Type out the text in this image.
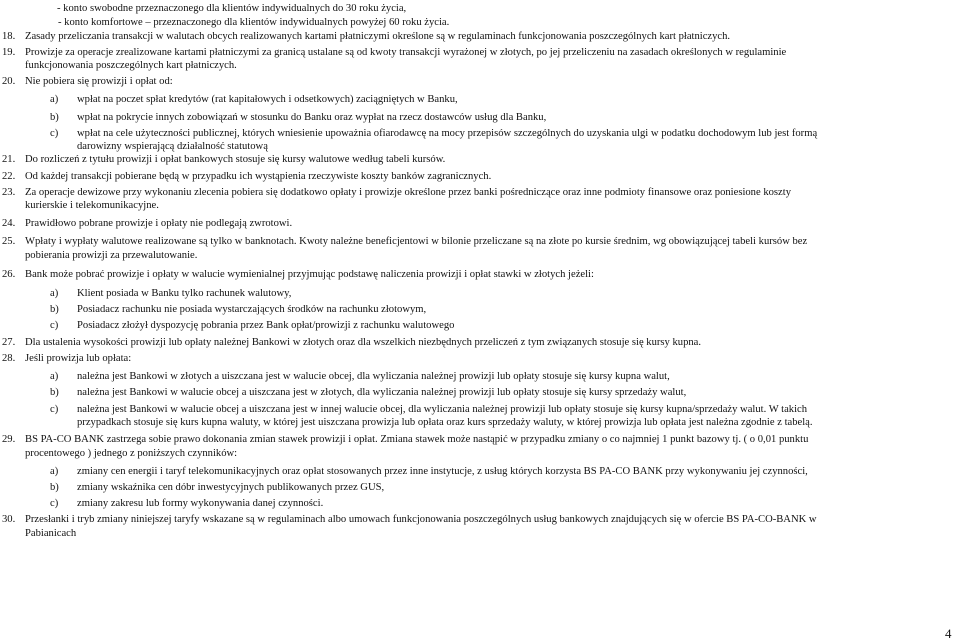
- konto swobodne przeznaczonego dla klientów indywidualnych do 30 roku życia,
- konto komfortowe – przeznaczonego dla klientów indywidualnych powyżej 60 roku życia.
18. Zasady przeliczania transakcji w walutach obcych realizowanych kartami płatniczymi określone są w regulaminach funkcjonowania poszczególnych kart płatniczych.
19. Prowizje za operacje zrealizowane kartami płatniczymi za granicą ustalane są od kwoty transakcji wyrażonej w złotych, po jej przeliczeniu na zasadach określonych w regulaminie
funkcjonowania poszczególnych kart płatniczych.
20. Nie pobiera się prowizji i opłat od:
a) wpłat na poczet spłat kredytów (rat kapitałowych i odsetkowych) zaciągniętych w Banku,
b) wpłat na pokrycie innych zobowiązań w stosunku do Banku oraz wypłat na rzecz dostawców usług dla Banku,
c) wpłat na cele użyteczności publicznej, których wniesienie upoważnia ofiarodawcę na mocy przepisów szczególnych do uzyskania ulgi w podatku dochodowym lub jest formą
darowizny wspierającą działalność statutową
21. Do rozliczeń z tytułu prowizji i opłat bankowych stosuje się kursy walutowe według tabeli kursów.
22. Od każdej transakcji pobierane będą w przypadku ich wystąpienia rzeczywiste koszty banków zagranicznych.
23. Za operacje dewizowe przy wykonaniu zlecenia pobiera się dodatkowo opłaty i prowizje określone przez banki pośredniczące oraz inne podmioty finansowe oraz poniesione koszty
kurierskie i telekomunikacyjne.
24. Prawidłowo pobrane prowizje i opłaty nie podlegają zwrotowi.
25. Wpłaty i wypłaty walutowe realizowane są tylko w banknotach. Kwoty należne beneficjentowi w bilonie przeliczane są na złote po kursie średnim, wg obowiązującej tabeli kursów bez
pobierania prowizji za przewalutowanie.
26. Bank może pobrać prowizje i opłaty w walucie wymienialnej przyjmując podstawę naliczenia prowizji i opłat stawki w złotych jeżeli:
a) Klient posiada w Banku tylko rachunek walutowy,
b) Posiadacz rachunku nie posiada wystarczających środków na rachunku złotowym,
c) Posiadacz złożył dyspozycję pobrania przez Bank opłat/prowizji z rachunku walutowego
27. Dla ustalenia wysokości prowizji lub opłaty należnej Bankowi w złotych oraz dla wszelkich niezbędnych przeliczeń z tym związanych stosuje się kursy kupna.
28. Jeśli prowizja lub opłata:
a) należna jest Bankowi w złotych a uiszczana jest w walucie obcej, dla wyliczania należnej prowizji lub opłaty stosuje się kursy kupna walut,
b) należna jest Bankowi w walucie obcej a uiszczana jest w złotych, dla wyliczania należnej prowizji lub opłaty stosuje się kursy sprzedaży walut,
c) należna jest Bankowi w walucie obcej a uiszczana jest w innej walucie obcej, dla wyliczania należnej prowizji lub opłaty stosuje się kursy kupna/sprzedaży walut. W takich
przypadkach stosuje się kurs kupna waluty, w której jest uiszczana prowizja lub opłata oraz kurs sprzedaży waluty, w której prowizja lub opłata jest należna zgodnie z tabelą.
29. BS PA-CO BANK zastrzega sobie prawo dokonania zmian stawek prowizji i opłat. Zmiana stawek może nastąpić w przypadku zmiany o co najmniej 1 punkt bazowy tj. ( o 0,01 punktu
procentowego ) jednego z poniższych czynników:
a) zmiany cen energii i taryf telekomunikacyjnych oraz opłat stosowanych przez inne instytucje, z usług których korzysta BS PA-CO BANK przy wykonywaniu jej czynności,
b) zmiany wskaźnika cen dóbr inwestycyjnych publikowanych przez GUS,
c) zmiany zakresu lub formy wykonywania danej czynności.
30. Przesłanki i tryb zmiany niniejszej taryfy wskazane są w regulaminach albo umowach funkcjonowania poszczególnych usług bankowych znajdujących się w ofercie BS PA-CO-BANK w
Pabianicach
4
